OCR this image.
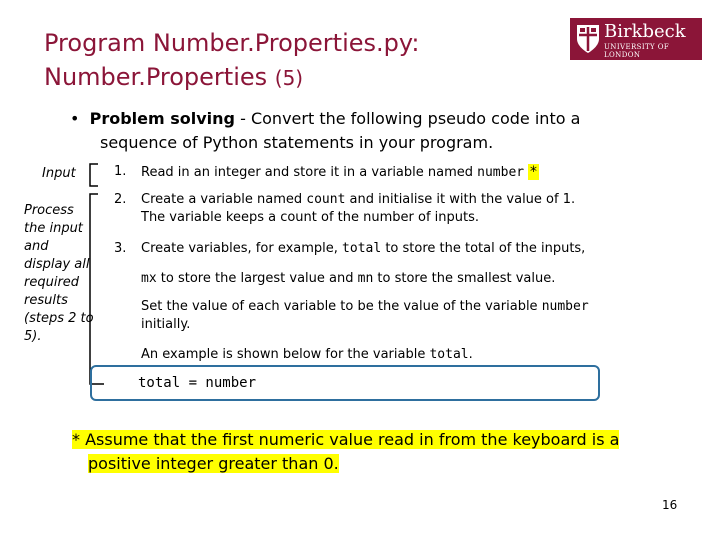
Program Number.Properties.py:
Number.Properties (5)
Birkbeck
UNIVERSITY OF LONDON
• Problem solving - Convert the following pseudo code into a
sequence of Python statements in your program.
Input
Process
the input
and
display all
required
results
(steps 2 to
5).
1. Read in an integer and store it in a variable named number *
2. Create a variable named count and initialise it with the value of 1.
The variable keeps a count of the number of inputs.
3. Create variables, for example, total to store the total of the inputs,
mx to store the largest value and mn to store the smallest value.
Set the value of each variable to be the value of the variable number
initially.
An example is shown below for the variable total.
total = number
* Assume that the first numeric value read in from the keyboard is a
positive integer greater than 0.
16
